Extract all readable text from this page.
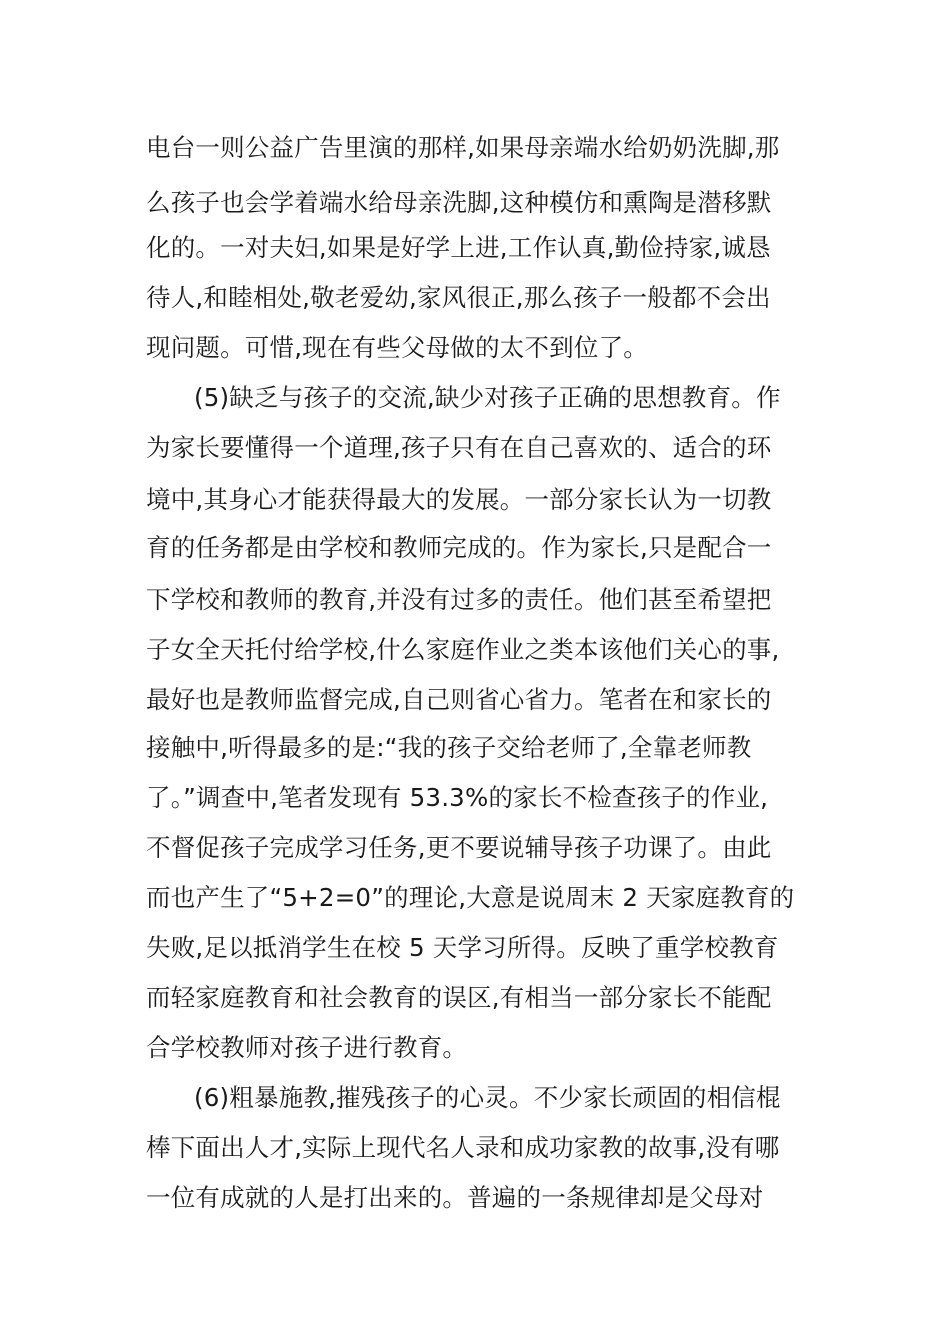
电台一则公益广告里演的那样,如果母亲端水给奶奶洗脚,那
么孩子也会学着端水给母亲洗脚,这种模仿和熏陶是潜移默
化的。一对夫妇,如果是好学上进,工作认真,勤俭持家,诚恳
待人,和睦相处,敬老爱幼,家风很正,那么孩子一般都不会出
现问题。可惜,现在有些父母做的太不到位了。
(5)缺乏与孩子的交流,缺少对孩子正确的思想教育。作
为家长要懂得一个道理,孩子只有在自己喜欢的、适合的环
境中,其身心才能获得最大的发展。一部分家长认为一切教
育的任务都是由学校和教师完成的。作为家长,只是配合一
下学校和教师的教育,并没有过多的责任。他们甚至希望把
子女全天托付给学校,什么家庭作业之类本该他们关心的事,
最好也是教师监督完成,自己则省心省力。笔者在和家长的
接触中,听得最多的是:“我的孩子交给老师了,全靠老师教
了。”调查中,笔者发现有 53.3%的家长不检查孩子的作业,
不督促孩子完成学习任务,更不要说辅导孩子功课了。由此
而也产生了“5+2=0”的理论,大意是说周末 2 天家庭教育的
失败,足以抵消学生在校 5 天学习所得。反映了重学校教育
而轻家庭教育和社会教育的误区,有相当一部分家长不能配
合学校教师对孩子进行教育。
(6)粗暴施教,摧残孩子的心灵。不少家长顽固的相信棍
棒下面出人才,实际上现代名人录和成功家教的故事,没有哪
一位有成就的人是打出来的。普遍的一条规律却是父母对
